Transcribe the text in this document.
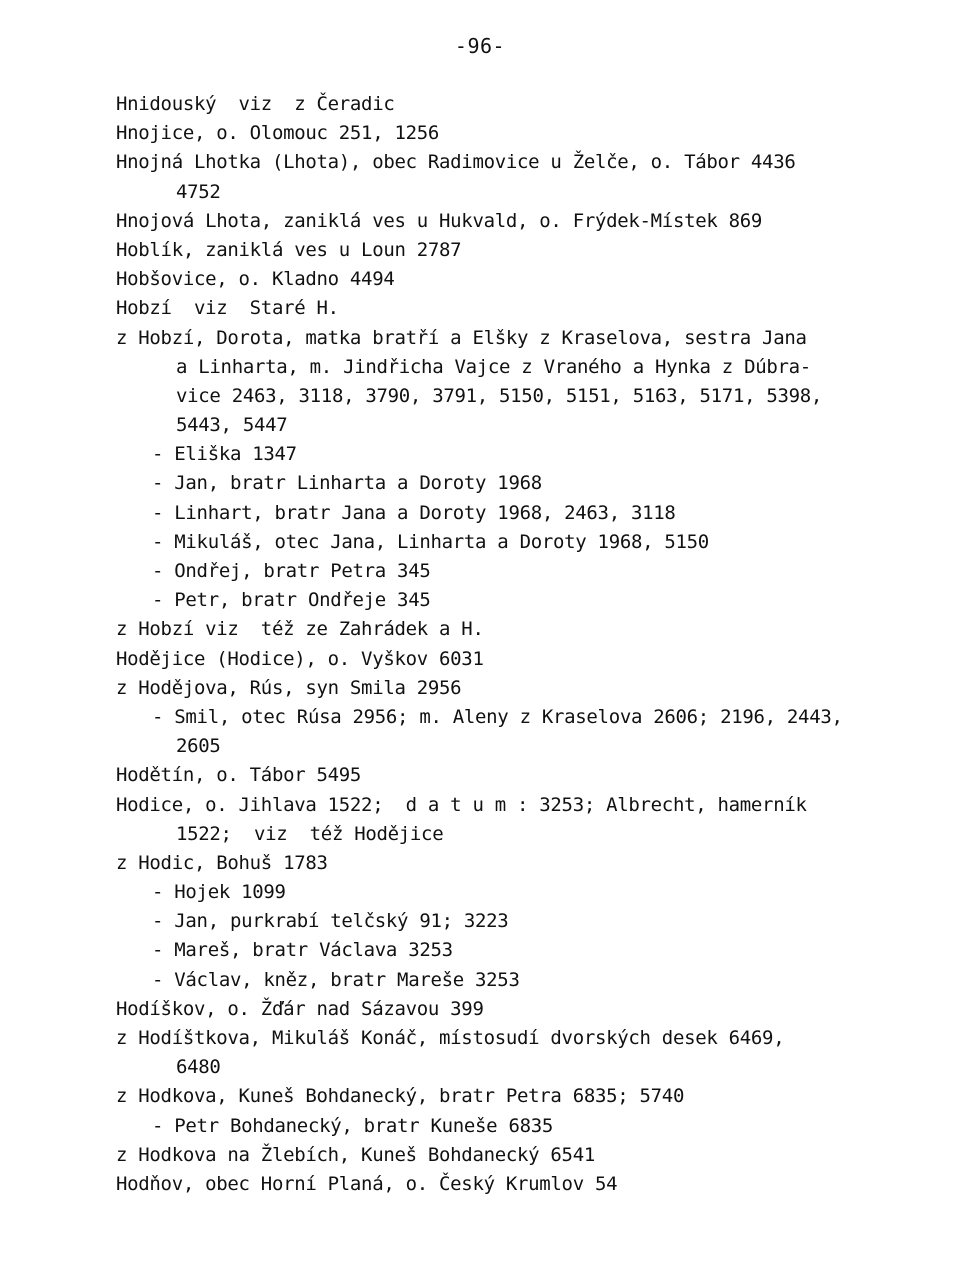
-96-
Hnidouský  viz  z Čeradic
Hnojice, o. Olomouc 251, 1256
Hnojná Lhotka (Lhota), obec Radimovice u Želče, o. Tábor 4436
4752
Hnojová Lhota, zaniklá ves u Hukvald, o. Frýdek-Místek 869
Hoblík, zaniklá ves u Loun 2787
Hobšovice, o. Kladno 4494
Hobzí  viz  Staré H.
z Hobzí, Dorota, matka bratří a Elšky z Kraselova, sestra Jana
a Linharta, m. Jindřicha Vajce z Vraného a Hynka z Dúbra-
vice 2463, 3118, 3790, 3791, 5150, 5151, 5163, 5171, 5398,
5443, 5447
- Eliška 1347
- Jan, bratr Linharta a Doroty 1968
- Linhart, bratr Jana a Doroty 1968, 2463, 3118
- Mikuláš, otec Jana, Linharta a Doroty 1968, 5150
- Ondřej, bratr Petra 345
- Petr, bratr Ondřeje 345
z Hobzí viz  též ze Zahrádek a H.
Hodějice (Hodice), o. Vyškov 6031
z Hodějova, Rús, syn Smila 2956
- Smil, otec Rúsa 2956; m. Aleny z Kraselova 2606; 2196, 2443,
2605
Hodětín, o. Tábor 5495
Hodice, o. Jihlava 1522;  d a t u m : 3253; Albrecht, hamerník
1522;  viz  též Hodějice
z Hodic, Bohuš 1783
- Hojek 1099
- Jan, purkrabí telčský 91; 3223
- Mareš, bratr Václava 3253
- Václav, kněz, bratr Mareše 3253
Hodíškov, o. Žďár nad Sázavou 399
z Hodíštkova, Mikuláš Konáč, místosudí dvorských desek 6469,
6480
z Hodkova, Kuneš Bohdanecký, bratr Petra 6835; 5740
- Petr Bohdanecký, bratr Kuneše 6835
z Hodkova na Žlebích, Kuneš Bohdanecký 6541
Hodňov, obec Horní Planá, o. Český Krumlov 54
